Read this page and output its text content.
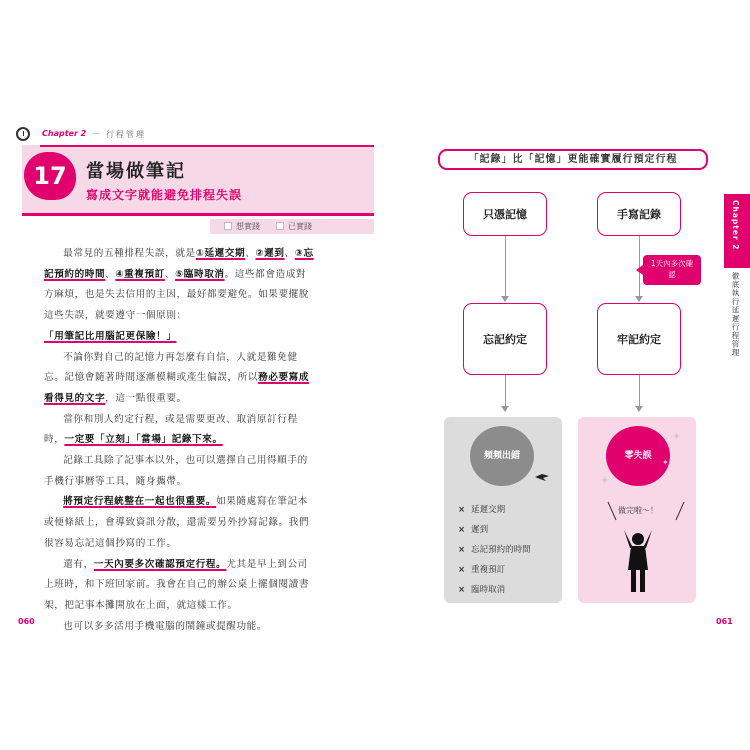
Chapter 2 — 行程管理
17	當場做筆記
寫成文字就能避免排程失誤
想實踐	已實踐

最常見的五種排程失誤，就是①延遲交期、②遲到、③忘記預約的時間、④重複預訂、⑤臨時取消。這些都會造成對方麻煩，也是失去信用的主因，最好都要避免。如果要擺脫這些失誤，就要遵守一個原則：「用筆記比用腦記更保險！」

不論你對自己的記憶力再怎麼有自信，人就是難免健忘。記憶會隨著時間逐漸模糊或產生偏誤，所以務必要寫成看得見的文字，這一點很重要。

當你和別人約定行程，或是需要更改、取消原訂行程時，一定要「立刻」「當場」記錄下來。

記錄工具除了記事本以外，也可以選擇自己用得順手的手機行事曆等工具，隨身攜帶。

將預定行程統整在一起也很重要。如果隨處寫在筆記本或便條紙上，會導致資訊分散，還需要另外抄寫記錄。我們很容易忘記這個抄寫的工作。

還有，一天內要多次確認預定行程。尤其是早上到公司上班時，和下班回家前。我會在自己的辦公桌上擺個閱讀書架，把記事本攤開放在上面，就這樣工作。

也可以多多活用手機電腦的鬧鐘或提醒功能。

060
「記錄」比「記憶」更能確實履行預定行程
只憑記憶
忘記約定
手寫記錄
牢記約定
1天內多次確認
頻頻出錯	零失誤
× 延遲交期
× 遲到
× 忘記預約的時間
× 重複預訂
× 臨時取消
✦
✦
✦
做完啦～！
Chapter 2
徹底執行延遲行程管理
061
